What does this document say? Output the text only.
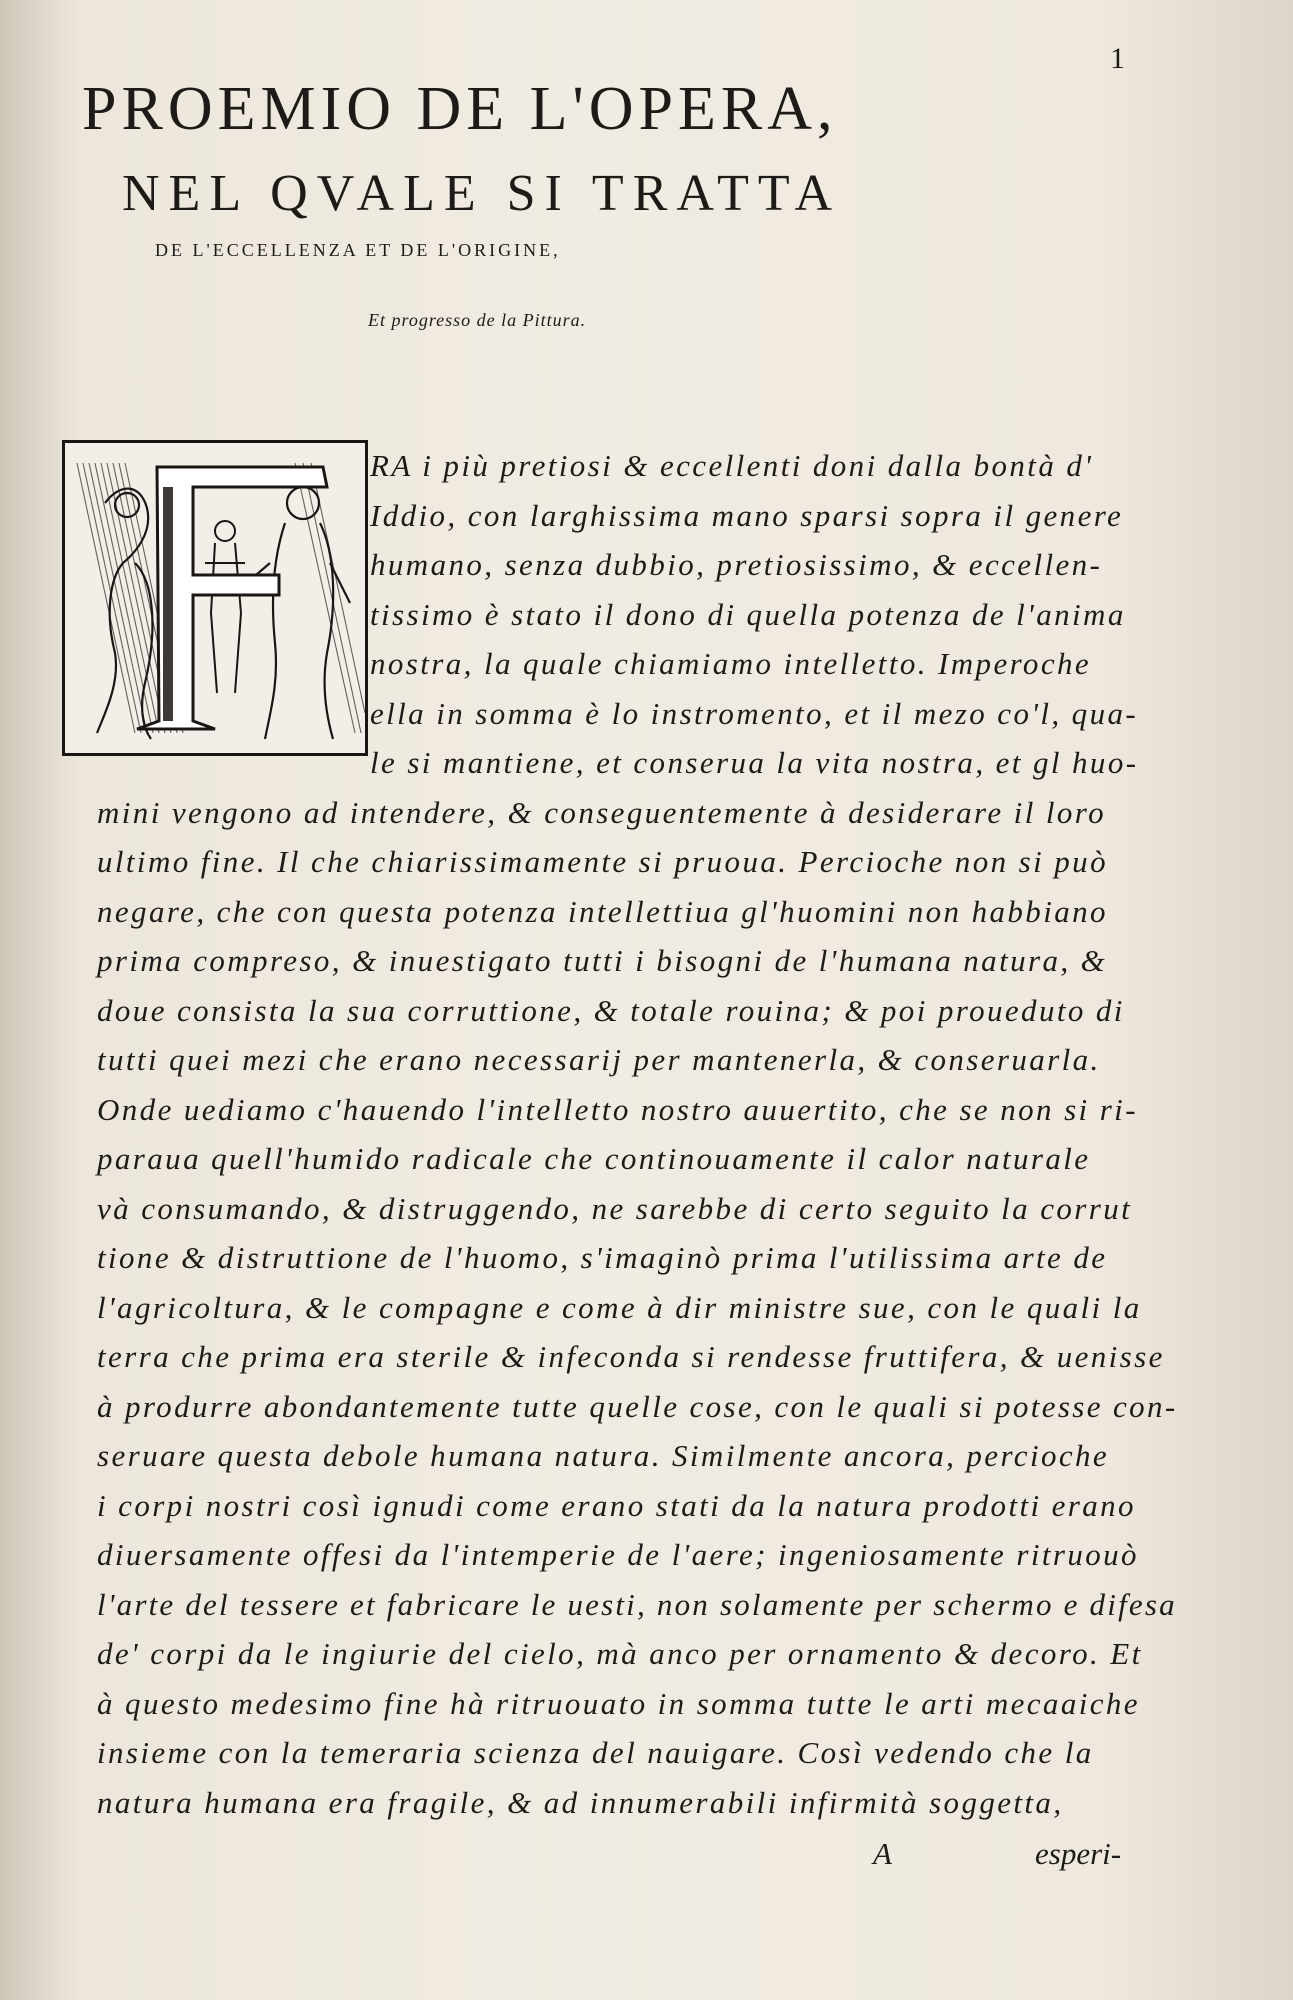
1
PROEMIO DE L'OPERA,
NEL QVALE SI TRATTA
DE L'ECCELLENZA ET DE L'ORIGINE,
Et progresso de la Pittura.
RA i più pretiosi & eccellenti doni dalla bontà d'
Iddio, con larghissima mano sparsi sopra il genere
humano, senza dubbio, pretiosissimo, & eccellen-
tissimo è stato il dono di quella potenza de l'anima
nostra, la quale chiamiamo intelletto. Imperoche
ella in somma è lo instromento, et il mezo co'l, qua-
le si mantiene, et conserua la vita nostra, et gl huo-
mini vengono ad intendere, & conseguentemente à desiderare il loro
ultimo fine. Il che chiarissimamente si pruoua. Percioche non si può
negare, che con questa potenza intellettiua gl'huomini non habbiano
prima compreso, & inuestigato tutti i bisogni de l'humana natura, &
doue consista la sua corruttione, & totale rouina; & poi proueduto di
tutti quei mezi che erano necessarij per mantenerla, & conseruarla.
Onde uediamo c'hauendo l'intelletto nostro auuertito, che se non si ri-
paraua quell'humido radicale che continouamente il calor naturale
và consumando, & distruggendo, ne sarebbe di certo seguito la corrut
tione & distruttione de l'huomo, s'imaginò prima l'utilissima arte de
l'agricoltura, & le compagne e come à dir ministre sue, con le quali la
terra che prima era sterile & infeconda si rendesse fruttifera, & uenisse
à produrre abondantemente tutte quelle cose, con le quali si potesse con-
seruare questa debole humana natura. Similmente ancora, percioche
i corpi nostri così ignudi come erano stati da la natura prodotti erano
diuersamente offesi da l'intemperie de l'aere; ingeniosamente ritruouò
l'arte del tessere et fabricare le uesti, non solamente per schermo e difesa
de' corpi da le ingiurie del cielo, mà anco per ornamento & decoro. Et
à questo medesimo fine hà ritruouato in somma tutte le arti mecaaiche
insieme con la temeraria scienza del nauigare. Così vedendo che la
natura humana era fragile, & ad innumerabili infirmità soggetta,
A	esperi-
